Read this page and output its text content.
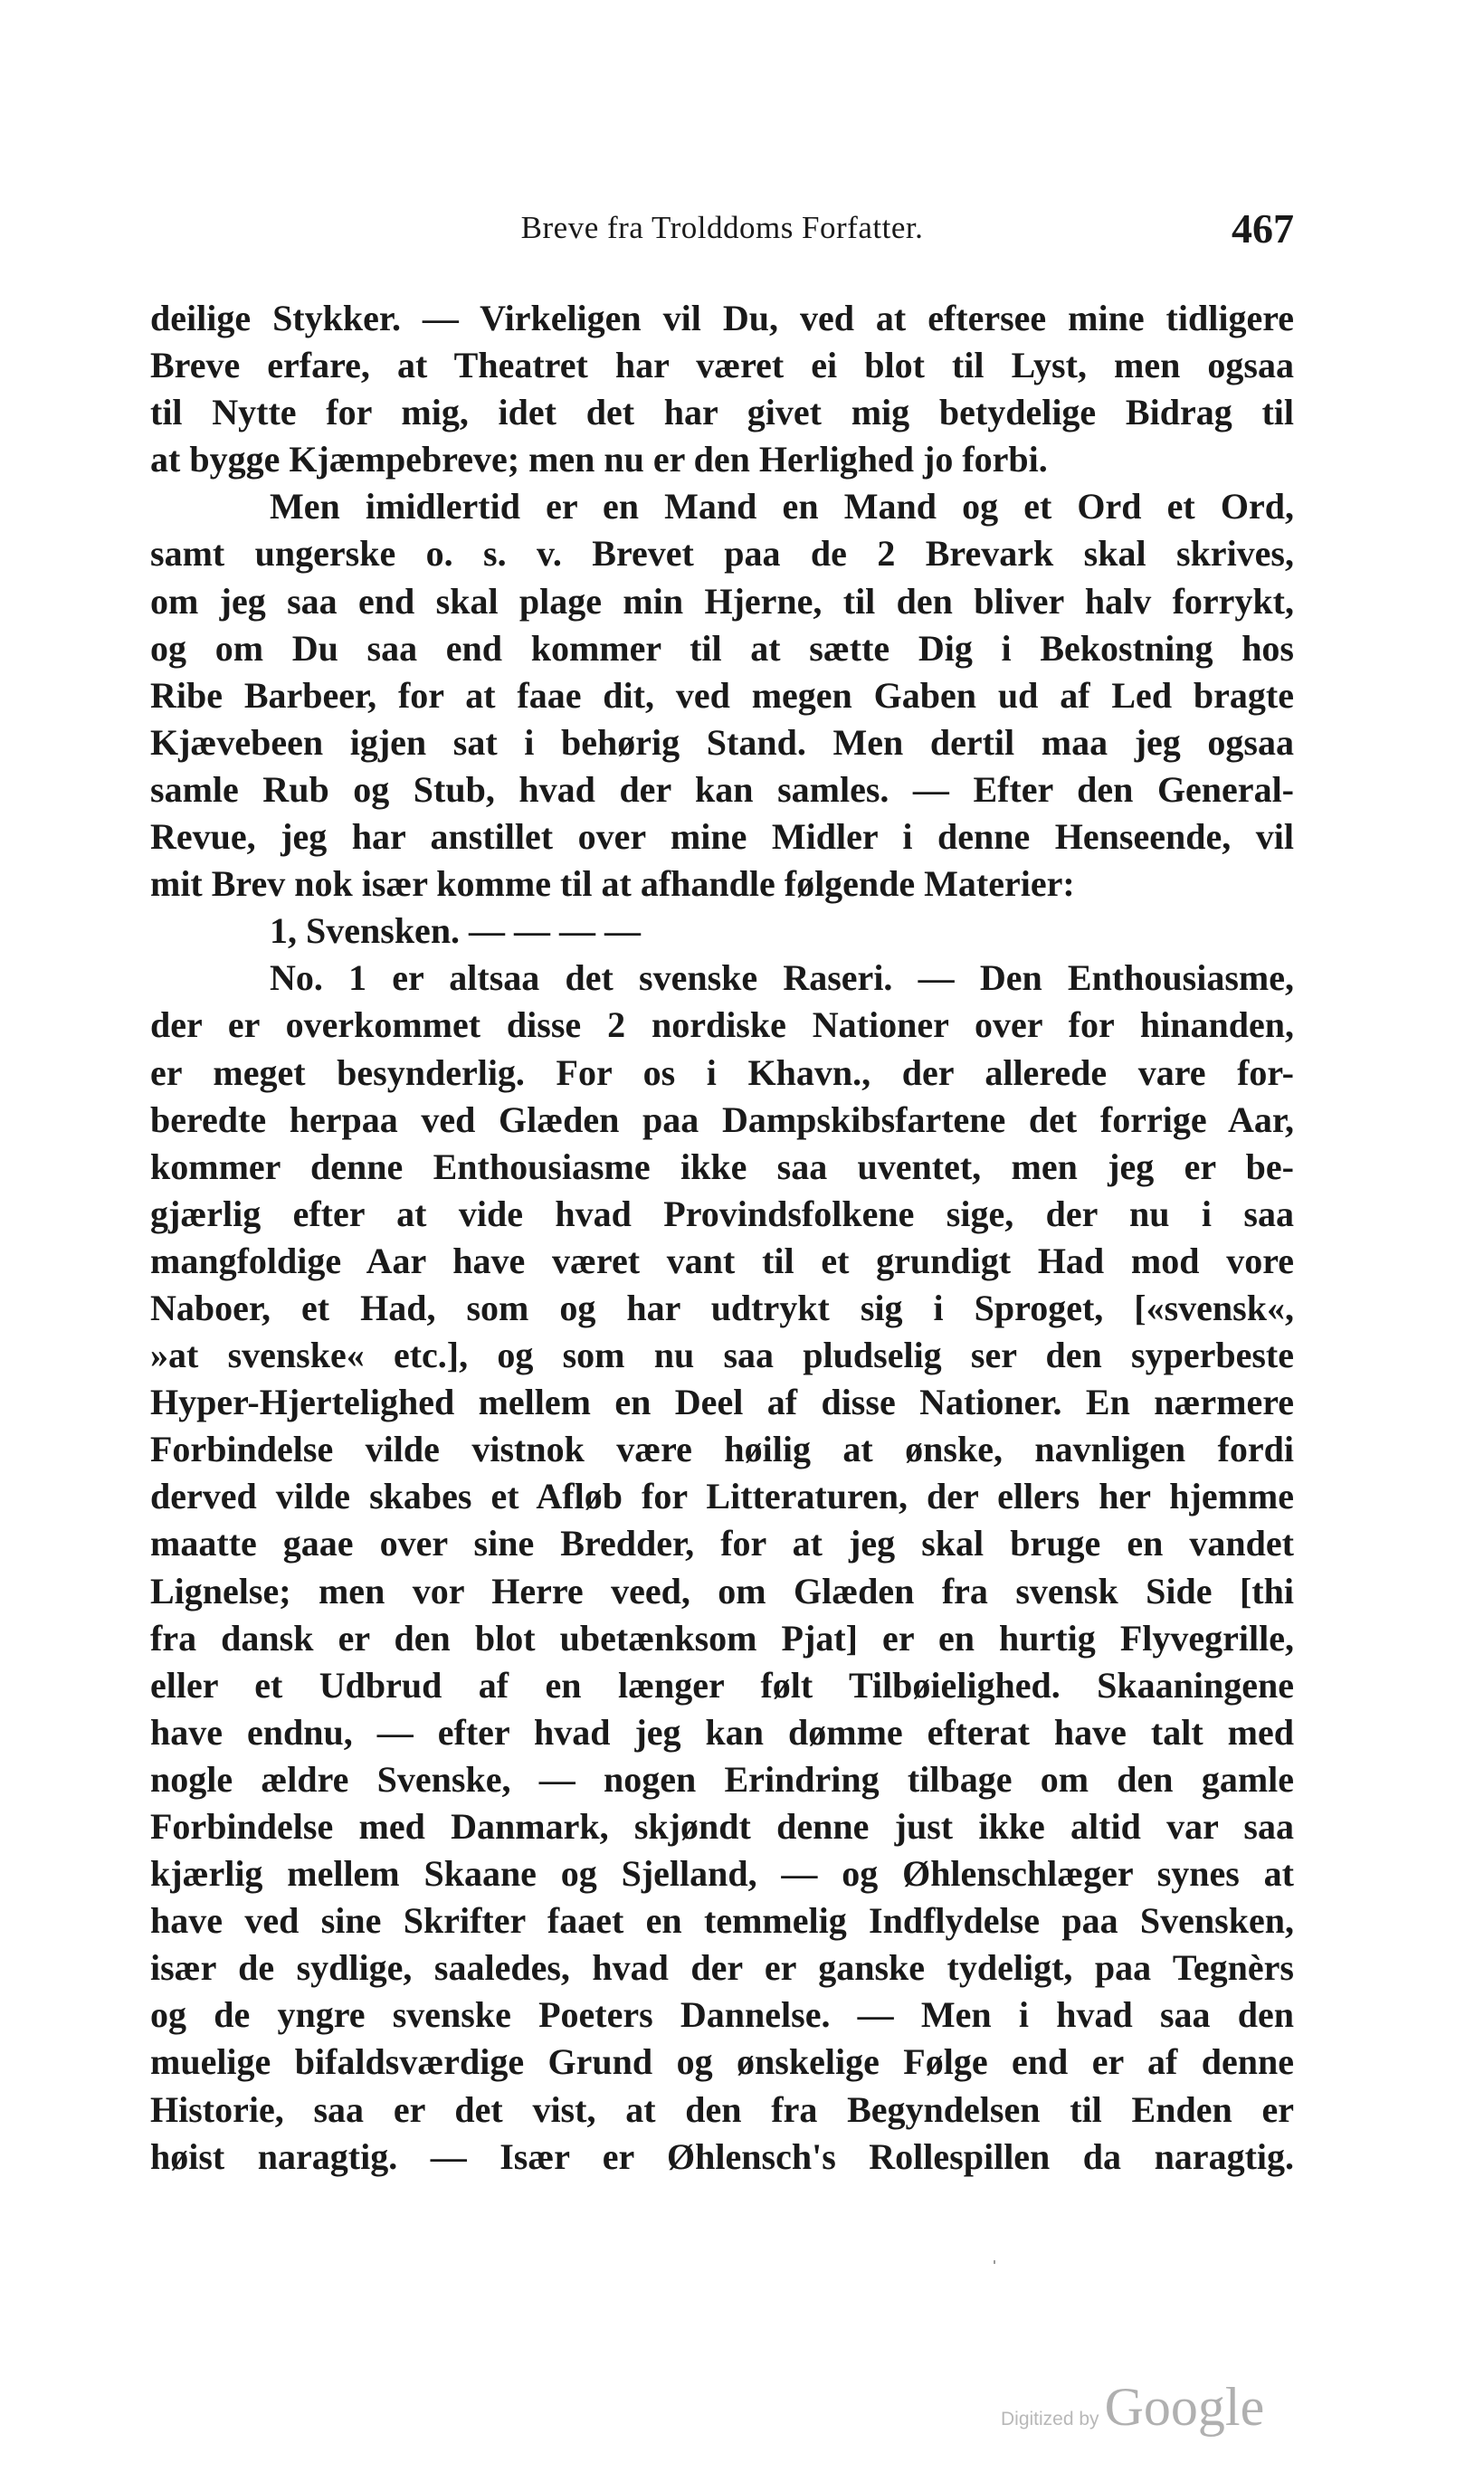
Breve fra Trolddoms Forfatter.	467
deilige Stykker. — Virkeligen vil Du, ved at eftersee mine tidligere
Breve erfare, at Theatret har været ei blot til Lyst, men ogsaa
til Nytte for mig, idet det har givet mig betydelige Bidrag til
at bygge Kjæmpebreve; men nu er den Herlighed jo forbi.
Men imidlertid er en Mand en Mand og et Ord et Ord,
samt ungerske o. s. v. Brevet paa de 2 Brevark skal skrives,
om jeg saa end skal plage min Hjerne, til den bliver halv forrykt,
og om Du saa end kommer til at sætte Dig i Bekostning hos
Ribe Barbeer, for at faae dit, ved megen Gaben ud af Led bragte
Kjævebeen igjen sat i behørig Stand. Men dertil maa jeg ogsaa
samle Rub og Stub, hvad der kan samles. — Efter den General-
Revue, jeg har anstillet over mine Midler i denne Henseende, vil
mit Brev nok især komme til at afhandle følgende Materier:
1, Svensken. — — — —
No. 1 er altsaa det svenske Raseri. — Den Enthousiasme,
der er overkommet disse 2 nordiske Nationer over for hinanden,
er meget besynderlig. For os i Khavn., der allerede vare for-
beredte herpaa ved Glæden paa Dampskibsfartene det forrige Aar,
kommer denne Enthousiasme ikke saa uventet, men jeg er be-
gjærlig efter at vide hvad Provindsfolkene sige, der nu i saa
mangfoldige Aar have været vant til et grundigt Had mod vore
Naboer, et Had, som og har udtrykt sig i Sproget, [«svensk«,
»at svenske« etc.], og som nu saa pludselig ser den syperbeste
Hyper-Hjertelighed mellem en Deel af disse Nationer. En nærmere
Forbindelse vilde vistnok være høilig at ønske, navnligen fordi
derved vilde skabes et Afløb for Litteraturen, der ellers her hjemme
maatte gaae over sine Bredder, for at jeg skal bruge en vandet
Lignelse; men vor Herre veed, om Glæden fra svensk Side [thi
fra dansk er den blot ubetænksom Pjat] er en hurtig Flyvegrille,
eller et Udbrud af en længer følt Tilbøielighed. Skaaningene
have endnu, — efter hvad jeg kan dømme efterat have talt med
nogle ældre Svenske, — nogen Erindring tilbage om den gamle
Forbindelse med Danmark, skjøndt denne just ikke altid var saa
kjærlig mellem Skaane og Sjelland, — og Øhlenschlæger synes at
have ved sine Skrifter faaet en temmelig Indflydelse paa Svensken,
især de sydlige, saaledes, hvad der er ganske tydeligt, paa Tegnèrs
og de yngre svenske Poeters Dannelse. — Men i hvad saa den
muelige bifaldsværdige Grund og ønskelige Følge end er af denne
Historie, saa er det vist, at den fra Begyndelsen til Enden er
høist naragtig. — Især er Øhlensch's Rollespillen da naragtig.
Digitized by Google
